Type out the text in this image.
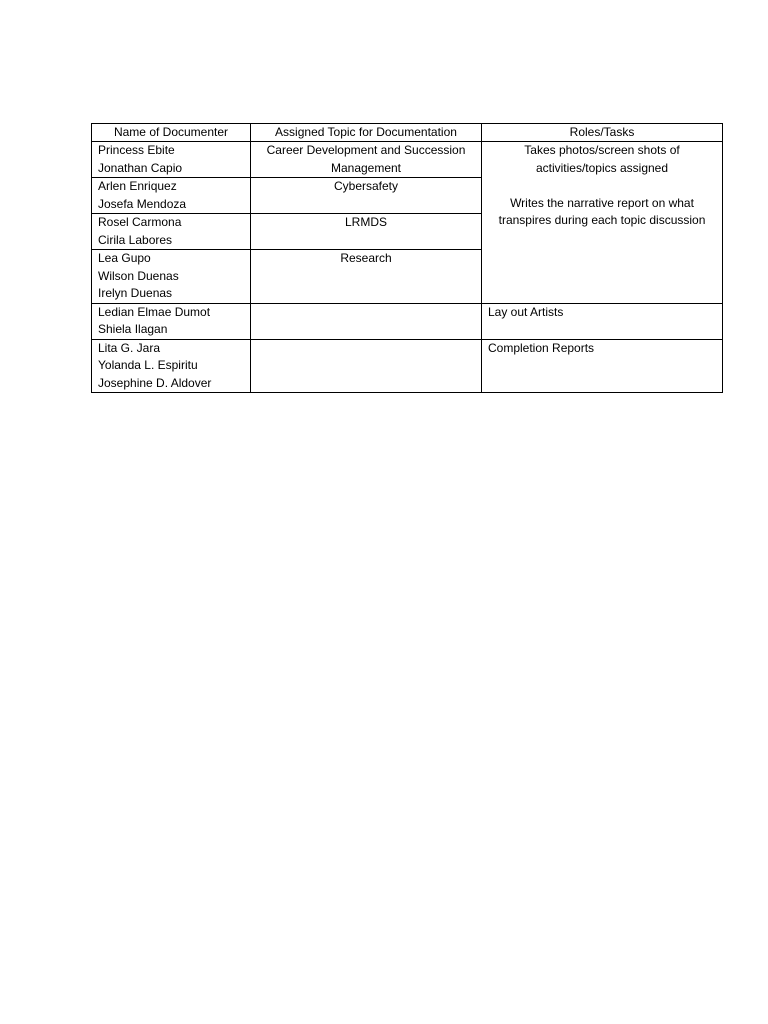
Name of Documenter	Assigned Topic for Documentation	Roles/Tasks

Princess Ebite
Jonathan Capio	Career Development and Succession Management	Takes photos/screen shots of activities/topics assigned
Writes the narrative report on what transpires during each topic discussion

Arlen Enriquez
Josefa Mendoza	Cybersafety	

Rosel Carmona
Cirila Labores	LRMDS	

Lea Gupo
Wilson Duenas
Irelyn Duenas	Research	

Ledian Elmae Dumot
Shiela Ilagan		Lay out Artists

Lita G. Jara
Yolanda L. Espiritu
Josephine D. Aldover		Completion Reports
